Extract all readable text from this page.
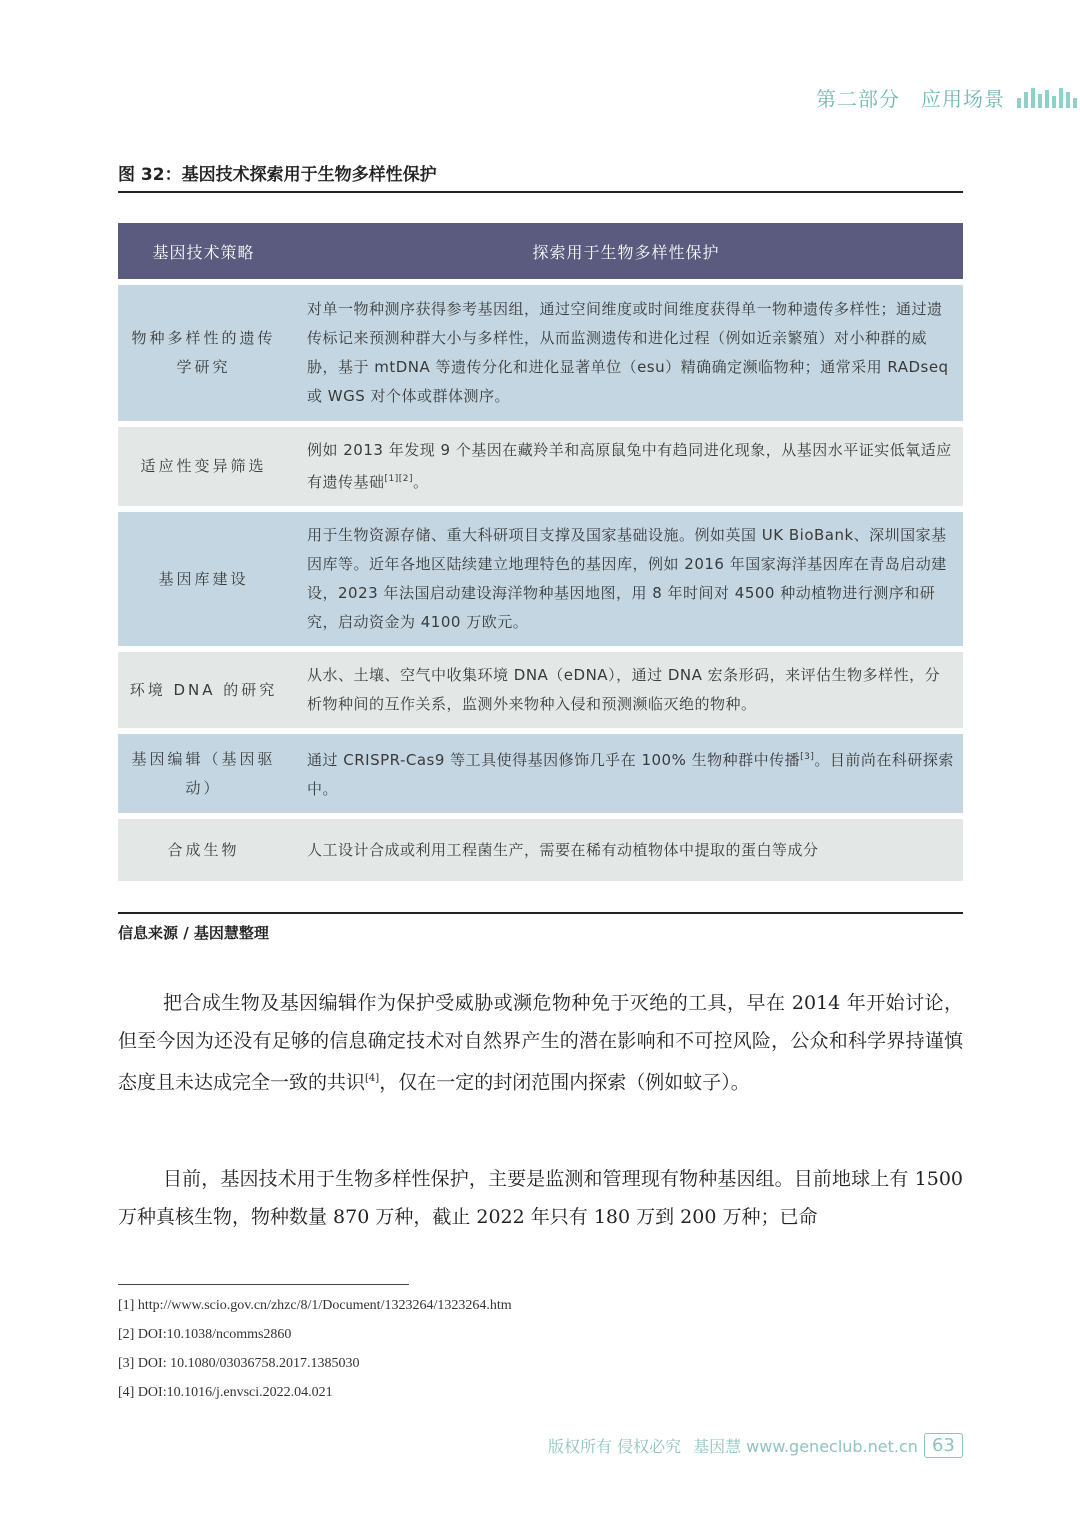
第二部分　应用场景
图 32：基因技术探索用于生物多样性保护
基因技术策略	探索用于生物多样性保护
物种多样性的遗传学研究	对单一物种测序获得参考基因组，通过空间维度或时间维度获得单一物种遗传多样性；通过遗传标记来预测种群大小与多样性，从而监测遗传和进化过程（例如近亲繁殖）对小种群的威胁，基于 mtDNA 等遗传分化和进化显著单位（esu）精确确定濒临物种；通常采用 RADseq 或 WGS 对个体或群体测序。
适应性变异筛选	例如 2013 年发现 9 个基因在藏羚羊和高原鼠兔中有趋同进化现象，从基因水平证实低氧适应有遗传基础[1][2]。
基因库建设	用于生物资源存储、重大科研项目支撑及国家基础设施。例如英国 UK BioBank、深圳国家基因库等。近年各地区陆续建立地理特色的基因库，例如 2016 年国家海洋基因库在青岛启动建设，2023 年法国启动建设海洋物种基因地图，用 8 年时间对 4500 种动植物进行测序和研究，启动资金为 4100 万欧元。
环境 DNA 的研究	从水、土壤、空气中收集环境 DNA（eDNA），通过 DNA 宏条形码，来评估生物多样性，分析物种间的互作关系，监测外来物种入侵和预测濒临灭绝的物种。
基因编辑（基因驱动）	通过 CRISPR-Cas9 等工具使得基因修饰几乎在 100% 生物种群中传播[3]。目前尚在科研探索中。
合成生物	人工设计合成或利用工程菌生产，需要在稀有动植物体中提取的蛋白等成分
信息来源 / 基因慧整理

把合成生物及基因编辑作为保护受威胁或濒危物种免于灭绝的工具，早在 2014 年开始讨论，但至今因为还没有足够的信息确定技术对自然界产生的潜在影响和不可控风险，公众和科学界持谨慎态度且未达成完全一致的共识[4]，仅在一定的封闭范围内探索（例如蚊子）。

目前，基因技术用于生物多样性保护，主要是监测和管理现有物种基因组。目前地球上有 1500 万种真核生物，物种数量 870 万种，截止 2022 年只有 180 万到 200 万种；已命

[1] http://www.scio.gov.cn/zhzc/8/1/Document/1323264/1323264.htm
[2] DOI:10.1038/ncomms2860
[3] DOI: 10.1080/03036758.2017.1385030
[4] DOI:10.1016/j.envsci.2022.04.021
版权所有 侵权必究 基因慧 www.geneclub.net.cn 63
